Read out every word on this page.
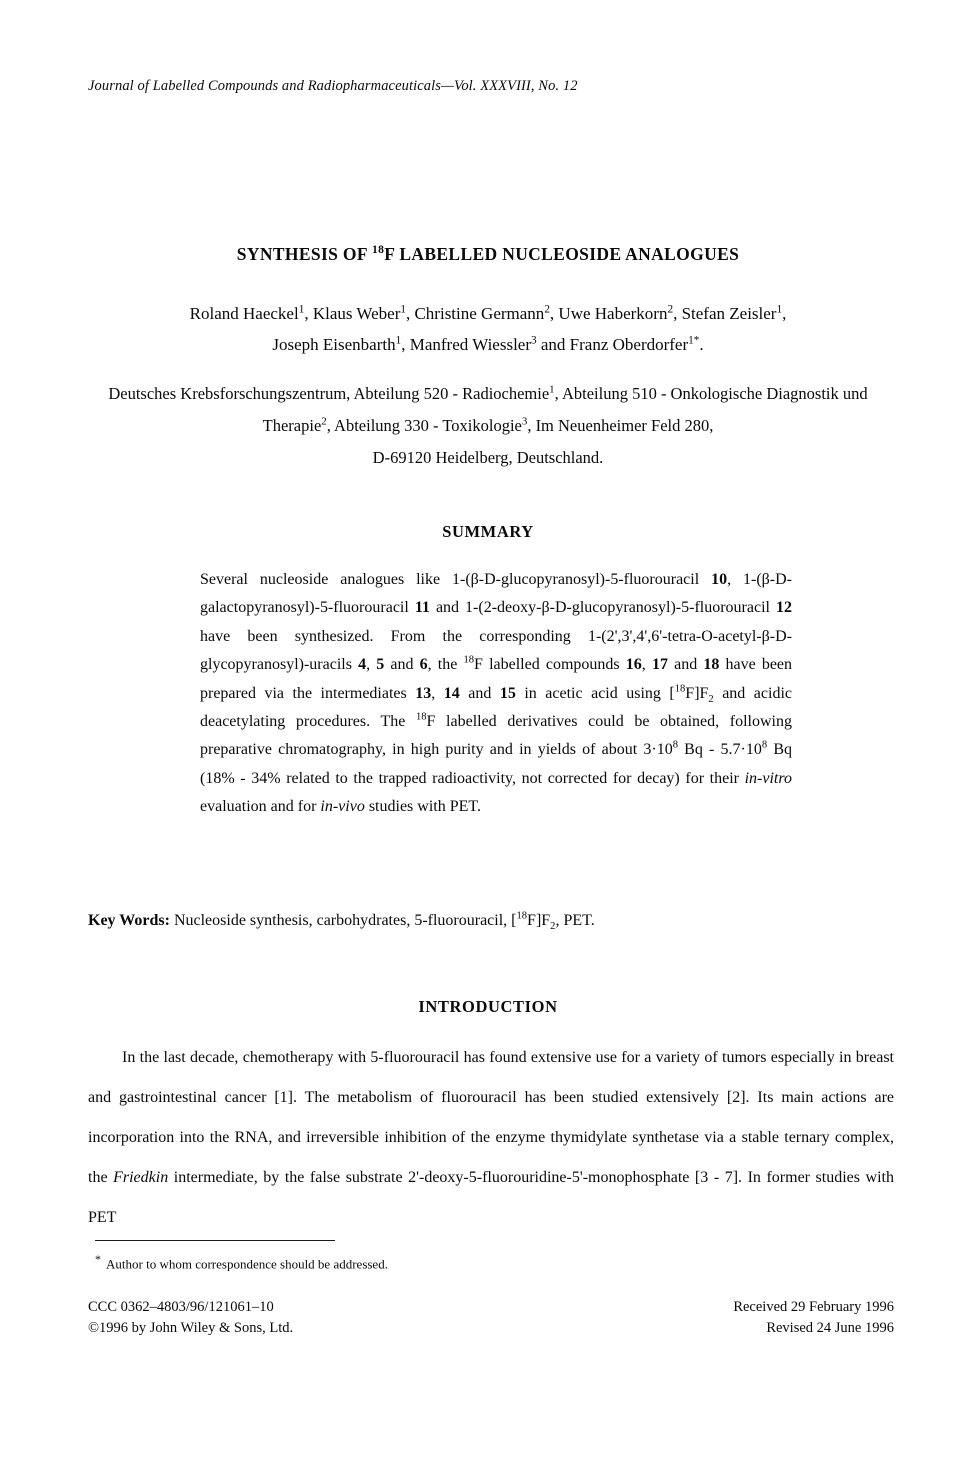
Journal of Labelled Compounds and Radiopharmaceuticals—Vol. XXXVIII, No. 12
SYNTHESIS OF $^{18}$F LABELLED NUCLEOSIDE ANALOGUES
Roland Haeckel$^1$, Klaus Weber$^1$, Christine Germann$^2$, Uwe Haberkorn$^2$, Stefan Zeisler$^1$,
Joseph Eisenbarth$^1$, Manfred Wiessler$^3$ and Franz Oberdorfer$^{1*}$.
Deutsches Krebsforschungszentrum, Abteilung 520 - Radiochemie$^1$, Abteilung 510 - Onkologische Diagnostik und Therapie$^2$, Abteilung 330 - Toxikologie$^3$, Im Neuenheimer Feld 280,
D-69120 Heidelberg, Deutschland.
SUMMARY

Several nucleoside analogues like 1-(β-D-glucopyranosyl)-5-fluorouracil 10, 1-(β-D-galactopyranosyl)-5-fluorouracil 11 and 1-(2-deoxy-β-D-glucopyranosyl)-5-fluorouracil 12 have been synthesized. From the corresponding 1-(2',3',4',6'-tetra-O-acetyl-β-D-glycopyranosyl)-uracils 4, 5 and 6, the $^{18}$F labelled compounds 16, 17 and 18 have been prepared via the intermediates 13, 14 and 15 in acetic acid using $[^{18}F]F_2$ and acidic deacetylating procedures. The $^{18}$F labelled derivatives could be obtained, following preparative chromatography, in high purity and in yields of about $3\cdot 10^8$ $Bq - 5.7\cdot 10^8$ Bq (18% - 34% related to the trapped radioactivity, not corrected for decay) for their in-vitro evaluation and for in-vivo studies with PET.

Key Words: Nucleoside synthesis, carbohydrates, 5-fluorouracil, $[^{18}F]F_2$, PET.
INTRODUCTION

In the last decade, chemotherapy with 5-fluorouracil has found extensive use for a variety of tumors especially in breast and gastrointestinal cancer [1]. The metabolism of fluorouracil has been studied extensively [2]. Its main actions are incorporation into the RNA, and irreversible inhibition of the enzyme thymidylate synthetase via a stable ternary complex, the Friedkin intermediate, by the false substrate 2'-deoxy-5-fluorouridine-5'-monophosphate [3 - 7]. In former studies with PET

* Author to whom correspondence should be addressed.
CCC 0362–4803/96/121061–10
©1996 by John Wiley & Sons, Ltd.
Received 29 February 1996
Revised 24 June 1996
